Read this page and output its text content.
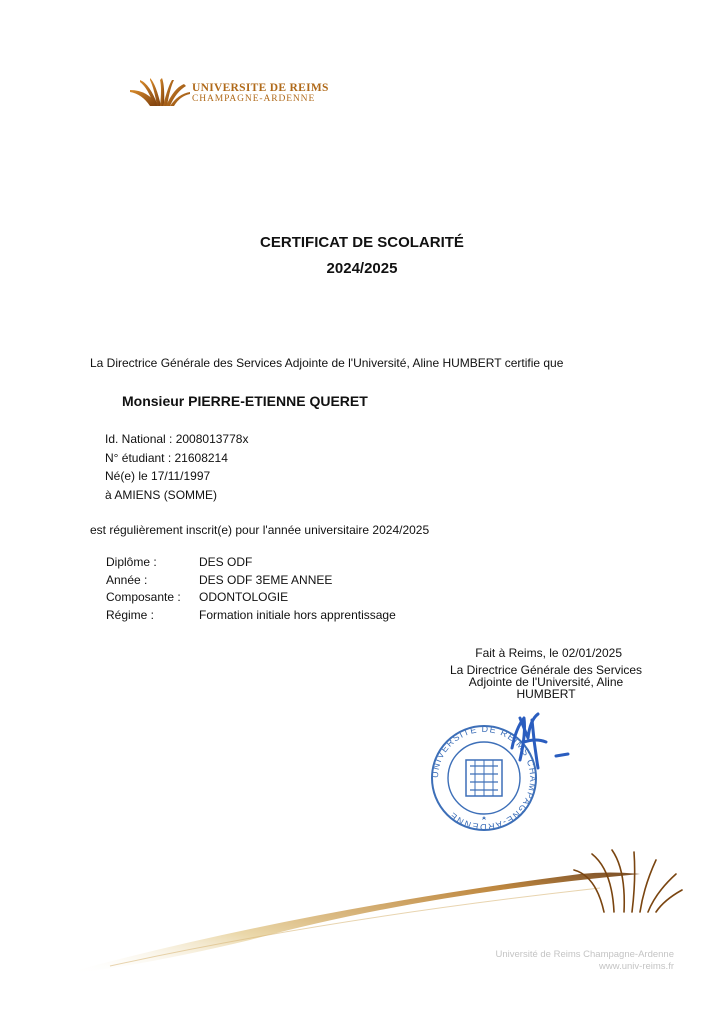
UNIVERSITE DE REIMS
CHAMPAGNE-ARDENNE
CERTIFICAT DE SCOLARITÉ
2024/2025
La Directrice Générale des Services Adjointe de l'Université, Aline HUMBERT certifie que
Monsieur PIERRE-ETIENNE QUERET
Id. National : 2008013778x
N° étudiant : 21608214
Né(e) le 17/11/1997
à AMIENS (SOMME)
est régulièrement inscrit(e) pour l'année universitaire 2024/2025
Diplôme :	DES ODF
Année :	DES ODF 3EME ANNEE
Composante : ODONTOLOGIE
Régime :	Formation initiale hors apprentissage
Fait à Reims, le 02/01/2025
La Directrice Générale des Services
Adjointe de l'Université, Aline
HUMBERT
UNIVERSITE DE REIMS CHAMPAGNE-ARDENNE
Université de Reims Champagne-Ardenne
www.univ-reims.fr
